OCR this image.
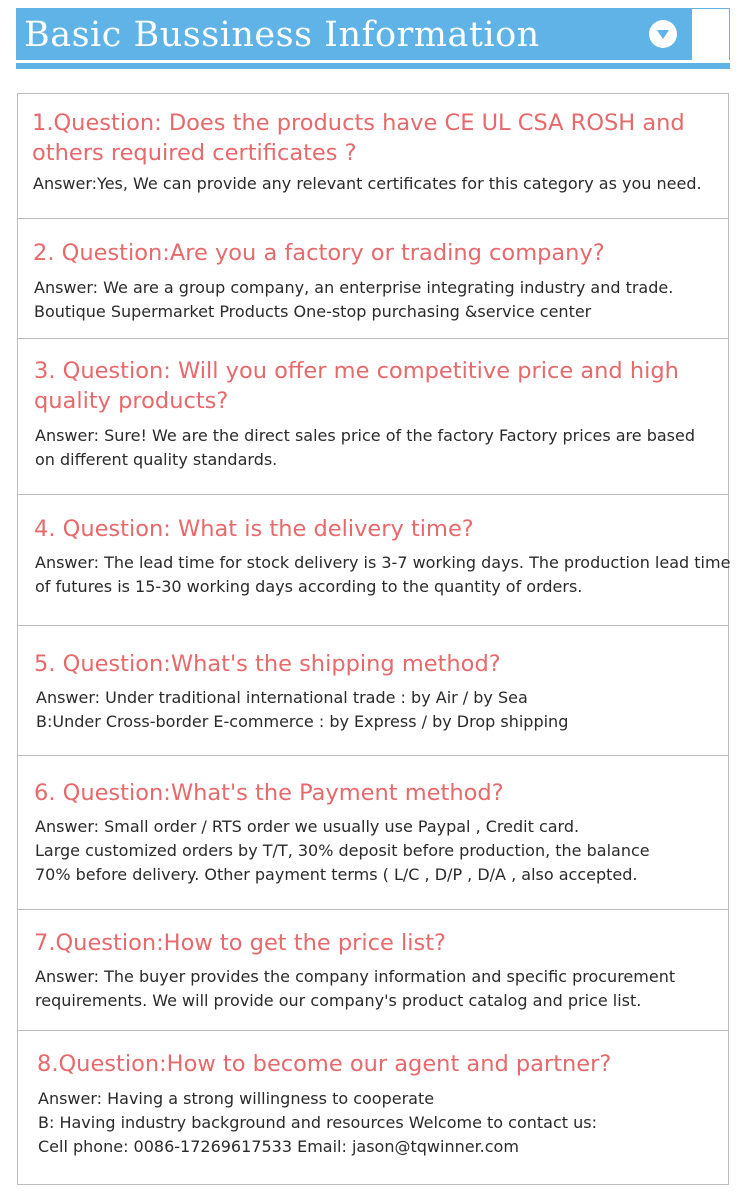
Basic Bussiness Information
1.Question: Does the products have CE UL CSA ROSH and others required certificates ?
Answer:Yes, We can provide any relevant certificates for this category as you need.
2. Question:Are you a factory or trading company?
Answer: We are a group company, an enterprise integrating industry and trade.
Boutique Supermarket Products One-stop purchasing &service center
3. Question: Will you offer me competitive price and high quality products?
Answer: Sure! We are the direct sales price of the factory Factory prices are based
on different quality standards.
4. Question: What is the delivery time?
Answer: The lead time for stock delivery is 3-7 working days. The production lead time
of futures is 15-30 working days according to the quantity of orders.
5. Question:What's the shipping method?
Answer: Under traditional international trade : by Air / by Sea
B:Under Cross-border E-commerce : by Express / by Drop shipping
6. Question:What's the Payment method?
Answer: Small order / RTS order we usually use Paypal , Credit card.
Large customized orders by T/T, 30% deposit before production, the balance
70% before delivery. Other payment terms ( L/C , D/P , D/A , also accepted.
7.Question:How to get the price list?
Answer: The buyer provides the company information and specific procurement
requirements. We will provide our company's product catalog and price list.
8.Question:How to become our agent and partner?
Answer: Having a strong willingness to cooperate
B: Having industry background and resources Welcome to contact us:
Cell phone: 0086-17269617533 Email: jason@tqwinner.com
